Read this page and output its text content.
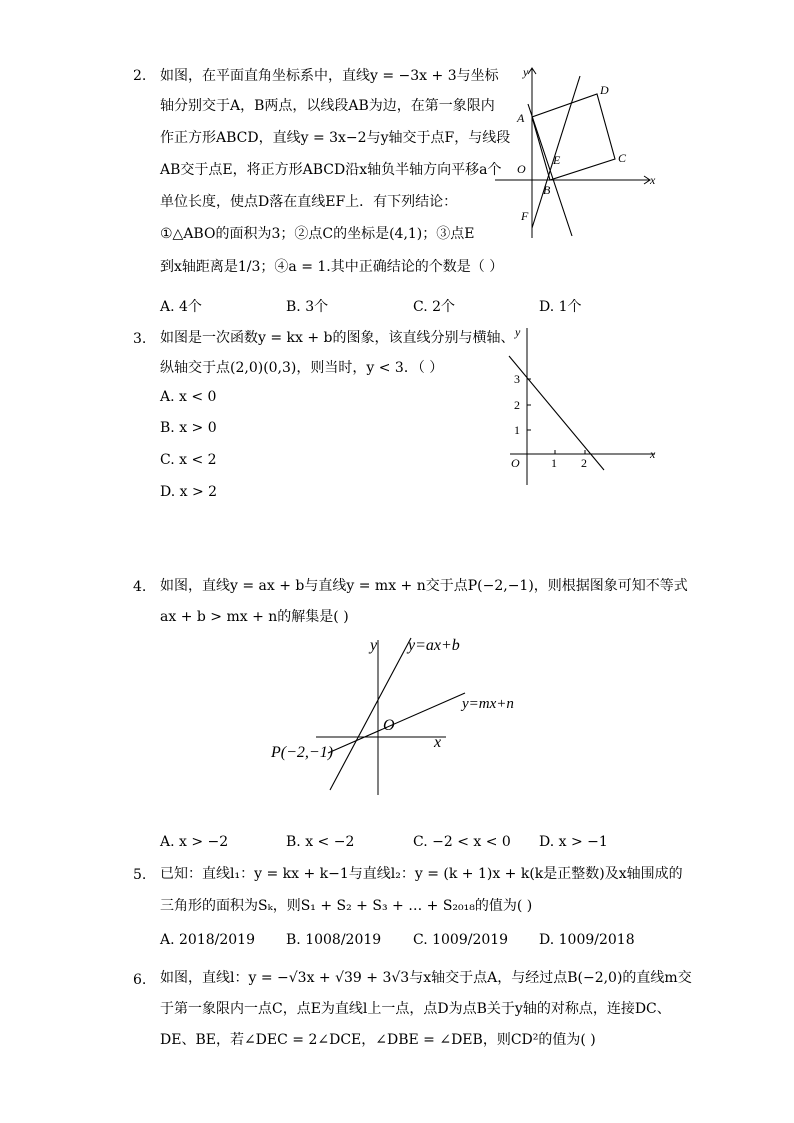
2. 如图，在平面直角坐标系中，直线y = −3x + 3与坐标
轴分别交于A，B两点，以线段AB为边，在第一象限内
作正方形ABCD，直线y = 3x−2与y轴交于点F，与线段
AB交于点E，将正方形ABCD沿x轴负半轴方向平移a个
单位长度，使点D落在直线EF上．有下列结论：
①△ABO的面积为3；②点C的坐标是(4,1)；③点E
到x轴距离是1/3；④a = 1.其中正确结论的个数是（ ）
A. 4个	B. 3个	C. 2个	D. 1个
y
x
A
B
C
D
E
F
O
3. 如图是一次函数y = kx + b的图象，该直线分别与横轴、
纵轴交于点(2,0)(0,3)，则当时，y < 3．（ ）
A. x < 0
B. x > 0
C. x < 2
D. x > 2
y
x
O	1 2
1
2
3
4. 如图，直线y = ax + b与直线y = mx + n交于点P(−2,−1)，则根据图象可知不等式
ax + b > mx + n的解集是( )
y
x
O
y=ax+b
y=mx+n
P(−2,−1)
A. x > −2	B. x < −2	C. −2 < x < 0 D. x > −1
5. 已知：直线l₁：y = kx + k−1与直线l₂：y = (k + 1)x + k(k是正整数)及x轴围成的
三角形的面积为Sₖ，则S₁ + S₂ + S₃ + … + S₂₀₁₈的值为( )
A. 2018/2019 B. 1008/2019 C. 1009/2019 D. 1009/2018
6. 如图，直线l：y = −√3x + √39 + 3√3与x轴交于点A，与经过点B(−2,0)的直线m交
于第一象限内一点C，点E为直线l上一点，点D为点B关于y轴的对称点，连接DC、
DE、BE，若∠DEC = 2∠DCE，∠DBE = ∠DEB，则CD²的值为( )
